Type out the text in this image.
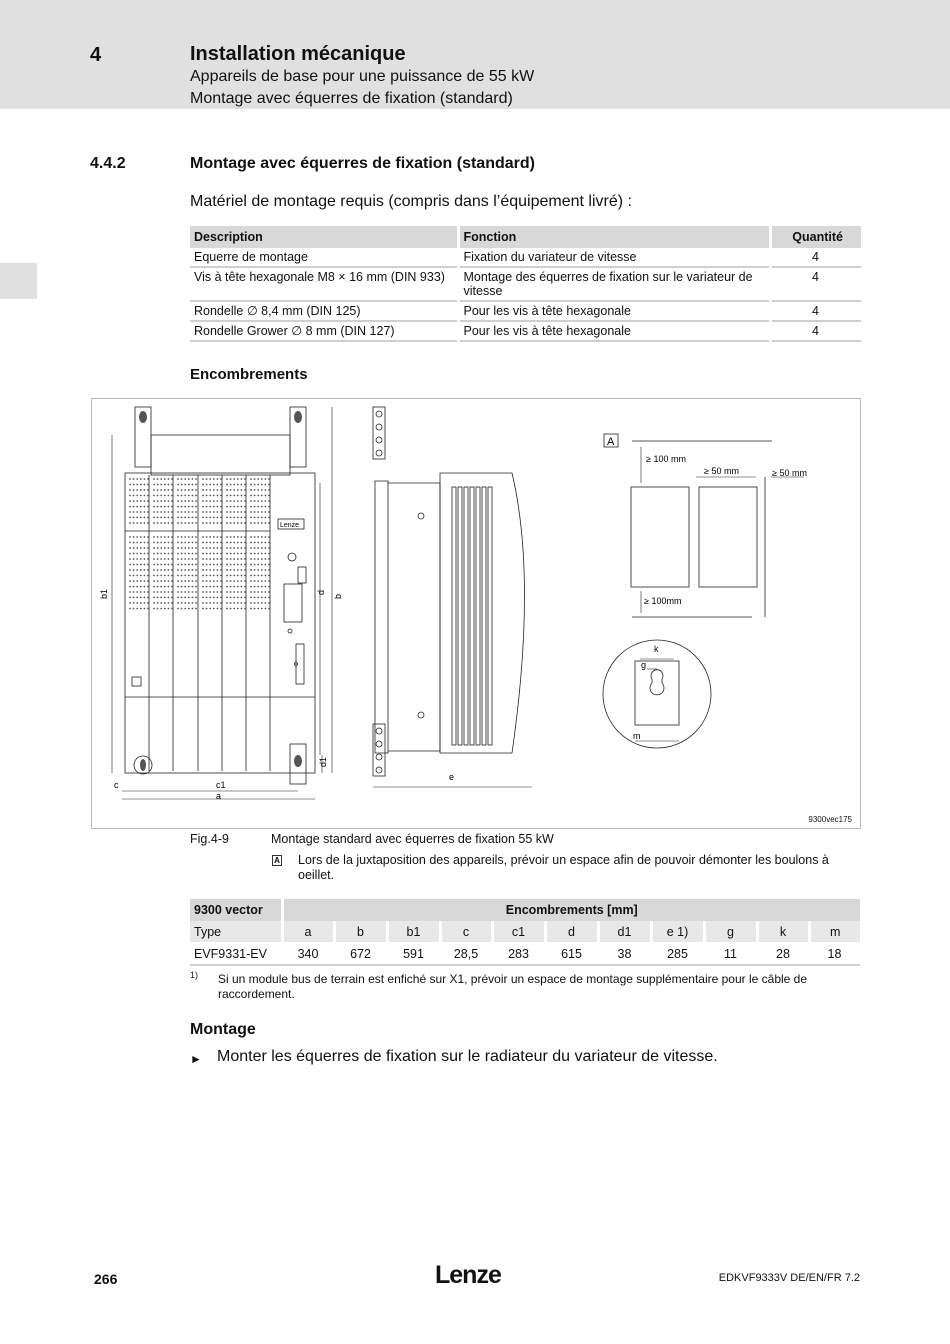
4	Installation mécanique
Appareils de base pour une puissance de 55 kW
Montage avec équerres de fixation (standard)
4.4.2	Montage avec équerres de fixation (standard)
Matériel de montage requis (compris dans l’équipement livré) :
Description	Fonction	Quantité
Equerre de montage	Fixation du variateur de vitesse	4
Vis à tête hexagonale M8 × 16 mm (DIN 933)	Montage des équerres de fixation sur le variateur de vitesse	4
Rondelle ∅ 8,4 mm (DIN 125)	Pour les vis à tête hexagonale	4
Rondelle Grower ∅ 8 mm (DIN 127)	Pour les vis à tête hexagonale	4
Encombrements
Lenze
b1	d
b
d1
c	c1
a
e
A
≥ 100 mm
≥ 50 mm	≥ 50 mm
≥ 100mm
k
g
m
9300vec175
Fig.4-9	Montage standard avec équerres de fixation 55 kW
A Lors de la juxtaposition des appareils, prévoir un espace afin de pouvoir démonter les boulons à oeillet.
9300 vector	Encombrements [mm]										
Type	a	b	b1	c	c1	d	d1	e 1)	g	k	m
EVF9331-EV	340	672	591	28,5	283	615	38	285	11	28	18
1) Si un module bus de terrain est enfiché sur X1, prévoir un espace de montage supplémentaire pour le câble de raccordement.
Montage
► Monter les équerres de fixation sur le radiateur du variateur de vitesse.
266	Lenze	EDKVF9333V DE/EN/FR 7.2
